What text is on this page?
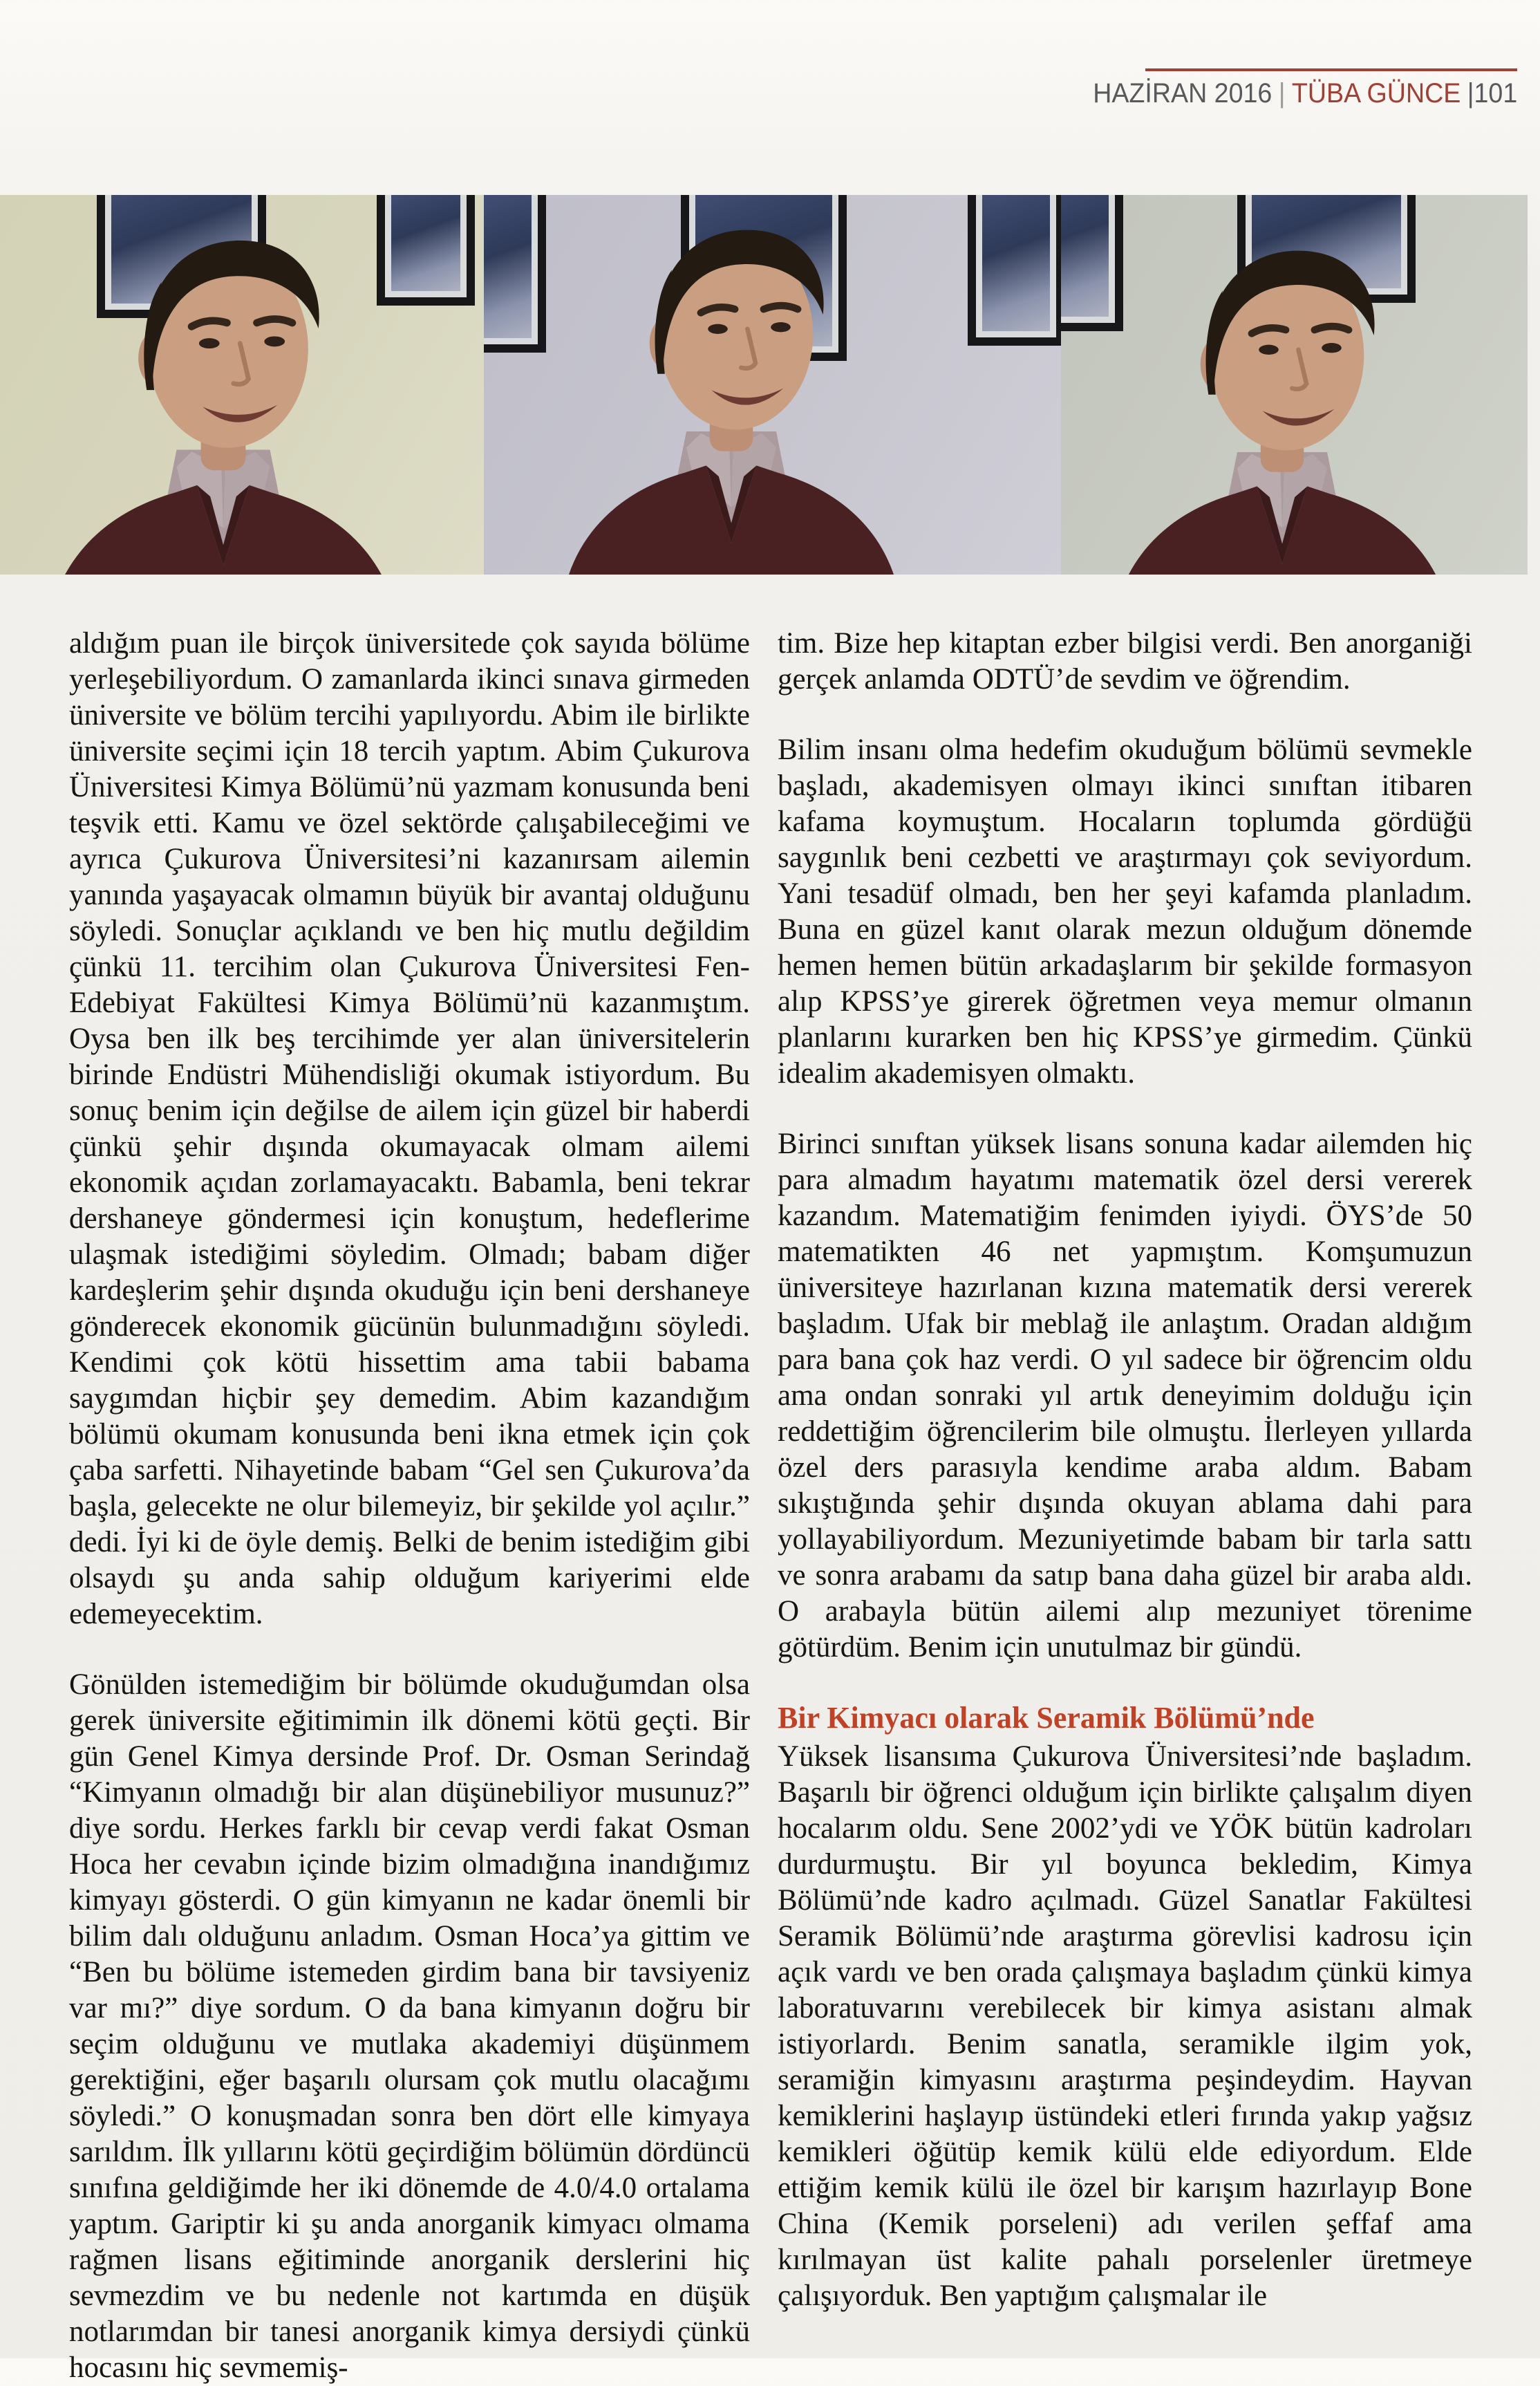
HAZİRAN 2016 | TÜBA GÜNCE |101

aldığım puan ile birçok üniversitede çok sayıda bölüme yerleşebiliyordum. O zamanlarda ikinci sınava girmeden üniversite ve bölüm tercihi yapılıyordu. Abim ile birlikte üniversite seçimi için 18 tercih yaptım. Abim Çukurova Üniversitesi Kimya Bölümü’nü yazmam konusunda beni teşvik etti. Kamu ve özel sektörde çalışabileceğimi ve ayrıca Çukurova Üniversitesi’ni kazanırsam ailemin yanında yaşayacak olmamın büyük bir avantaj olduğunu söyledi. Sonuçlar açıklandı ve ben hiç mutlu değildim çünkü 11. tercihim olan Çukurova Üniversitesi Fen-Edebiyat Fakültesi Kimya Bölümü’nü kazanmıştım. Oysa ben ilk beş tercihimde yer alan üniversitelerin birinde Endüstri Mühendisliği okumak istiyordum. Bu sonuç benim için değilse de ailem için güzel bir haberdi çünkü şehir dışında okumayacak olmam ailemi ekonomik açıdan zorlamayacaktı. Babamla, beni tekrar dershaneye göndermesi için konuştum, hedeflerime ulaşmak istediğimi söyledim. Olmadı; babam diğer kardeşlerim şehir dışında okuduğu için beni dershaneye gönderecek ekonomik gücünün bulunmadığını söyledi. Kendimi çok kötü hissettim ama tabii babama saygımdan hiçbir şey demedim. Abim kazandığım bölümü okumam konusunda beni ikna etmek için çok çaba sarfetti. Nihayetinde babam “Gel sen Çukurova’da başla, gelecekte ne olur bilemeyiz, bir şekilde yol açılır.” dedi. İyi ki de öyle demiş. Belki de benim istediğim gibi olsaydı şu anda sahip olduğum kariyerimi elde edemeyecektim.

Gönülden istemediğim bir bölümde okuduğumdan olsa gerek üniversite eğitimimin ilk dönemi kötü geçti. Bir gün Genel Kimya dersinde Prof. Dr. Osman Serindağ “Kimyanın olmadığı bir alan düşünebiliyor musunuz?” diye sordu. Herkes farklı bir cevap verdi fakat Osman Hoca her cevabın içinde bizim olmadığına inandığımız kimyayı gösterdi. O gün kimyanın ne kadar önemli bir bilim dalı olduğunu anladım. Osman Hoca’ya gittim ve “Ben bu bölüme istemeden girdim bana bir tavsiyeniz var mı?” diye sordum. O da bana kimyanın doğru bir seçim olduğunu ve mutlaka akademiyi düşünmem gerektiğini, eğer başarılı olursam çok mutlu olacağımı söyledi.” O konuşmadan sonra ben dört elle kimyaya sarıldım. İlk yıllarını kötü geçirdiğim bölümün dördüncü sınıfına geldiğimde her iki dönemde de 4.0/4.0 ortalama yaptım. Gariptir ki şu anda anorganik kimyacı olmama rağmen lisans eğitiminde anorganik derslerini hiç sevmezdim ve bu nedenle not kartımda en düşük notlarımdan bir tanesi anorganik kimya dersiydi çünkü hocasını hiç sevmemiş-

tim. Bize hep kitaptan ezber bilgisi verdi. Ben anorganiği gerçek anlamda ODTÜ’de sevdim ve öğrendim.

Bilim insanı olma hedefim okuduğum bölümü sevmekle başladı, akademisyen olmayı ikinci sınıftan itibaren kafama koymuştum. Hocaların toplumda gördüğü saygınlık beni cezbetti ve araştırmayı çok seviyordum. Yani tesadüf olmadı, ben her şeyi kafamda planladım. Buna en güzel kanıt olarak mezun olduğum dönemde hemen hemen bütün arkadaşlarım bir şekilde formasyon alıp KPSS’ye girerek öğretmen veya memur olmanın planlarını kurarken ben hiç KPSS’ye girmedim. Çünkü idealim akademisyen olmaktı.

Birinci sınıftan yüksek lisans sonuna kadar ailemden hiç para almadım hayatımı matematik özel dersi vererek kazandım. Matematiğim fenimden iyiydi. ÖYS’de 50 matematikten 46 net yapmıştım. Komşumuzun üniversiteye hazırlanan kızına matematik dersi vererek başladım. Ufak bir meblağ ile anlaştım. Oradan aldığım para bana çok haz verdi. O yıl sadece bir öğrencim oldu ama ondan sonraki yıl artık deneyimim dolduğu için reddettiğim öğrencilerim bile olmuştu. İlerleyen yıllarda özel ders parasıyla kendime araba aldım. Babam sıkıştığında şehir dışında okuyan ablama dahi para yollayabiliyordum. Mezuniyetimde babam bir tarla sattı ve sonra arabamı da satıp bana daha güzel bir araba aldı. O arabayla bütün ailemi alıp mezuniyet törenime götürdüm. Benim için unutulmaz bir gündü.

Bir Kimyacı olarak Seramik Bölümü’nde

Yüksek lisansıma Çukurova Üniversitesi’nde başladım. Başarılı bir öğrenci olduğum için birlikte çalışalım diyen hocalarım oldu. Sene 2002’ydi ve YÖK bütün kadroları durdurmuştu. Bir yıl boyunca bekledim, Kimya Bölümü’nde kadro açılmadı. Güzel Sanatlar Fakültesi Seramik Bölümü’nde araştırma görevlisi kadrosu için açık vardı ve ben orada çalışmaya başladım çünkü kimya laboratuvarını verebilecek bir kimya asistanı almak istiyorlardı. Benim sanatla, seramikle ilgim yok, seramiğin kimyasını araştırma peşindeydim. Hayvan kemiklerini haşlayıp üstündeki etleri fırında yakıp yağsız kemikleri öğütüp kemik külü elde ediyordum. Elde ettiğim kemik külü ile özel bir karışım hazırlayıp Bone China (Kemik porseleni) adı verilen şeffaf ama kırılmayan üst kalite pahalı porselenler üretmeye çalışıyorduk. Ben yaptığım çalışmalar ile
